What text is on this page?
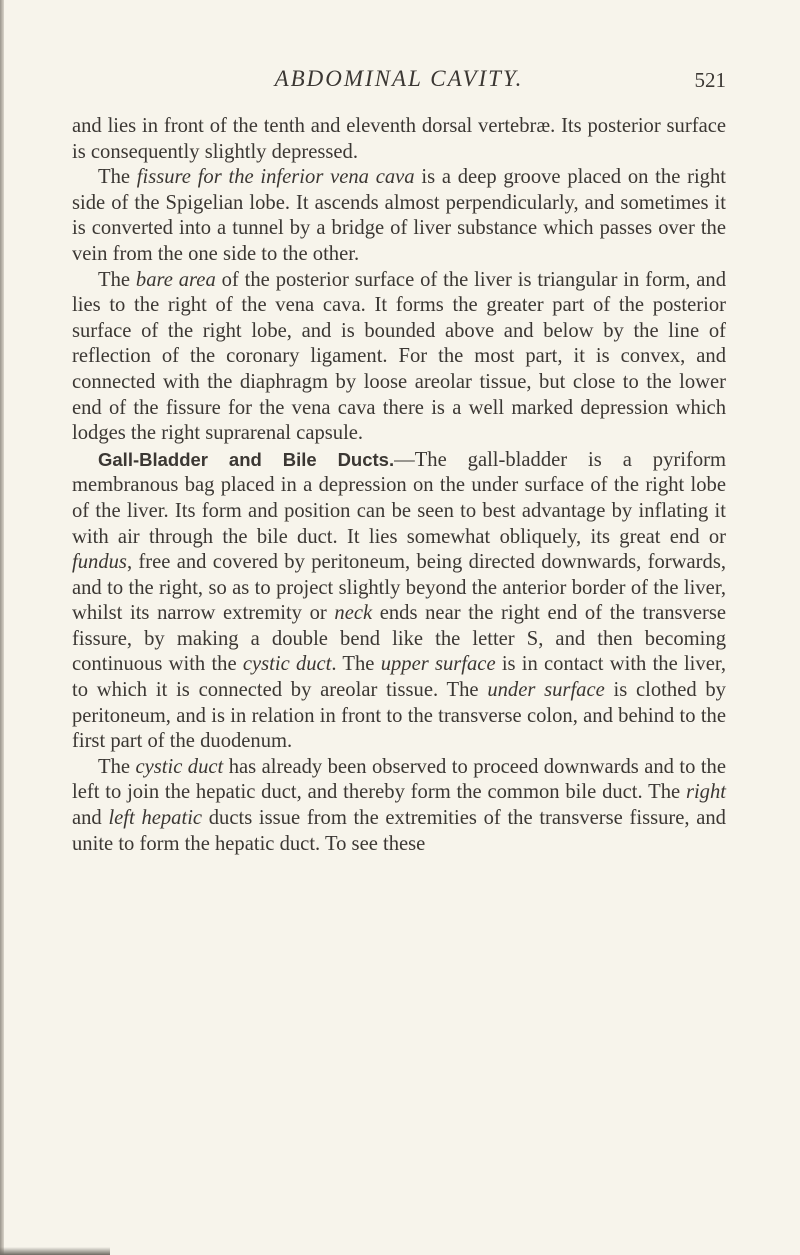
ABDOMINAL CAVITY.	521

and lies in front of the tenth and eleventh dorsal vertebræ. Its posterior surface is consequently slightly depressed.

The fissure for the inferior vena cava is a deep groove placed on the right side of the Spigelian lobe. It ascends almost perpendicularly, and sometimes it is converted into a tunnel by a bridge of liver substance which passes over the vein from the one side to the other.

The bare area of the posterior surface of the liver is triangular in form, and lies to the right of the vena cava. It forms the greater part of the posterior surface of the right lobe, and is bounded above and below by the line of reflection of the coronary ligament. For the most part, it is convex, and connected with the diaphragm by loose areolar tissue, but close to the lower end of the fissure for the vena cava there is a well marked depression which lodges the right suprarenal capsule.

Gall-Bladder and Bile Ducts.—The gall-bladder is a pyriform membranous bag placed in a depression on the under surface of the right lobe of the liver. Its form and position can be seen to best advantage by inflating it with air through the bile duct. It lies somewhat obliquely, its great end or fundus, free and covered by peritoneum, being directed downwards, forwards, and to the right, so as to project slightly beyond the anterior border of the liver, whilst its narrow extremity or neck ends near the right end of the transverse fissure, by making a double bend like the letter S, and then becoming continuous with the cystic duct. The upper surface is in contact with the liver, to which it is connected by areolar tissue. The under surface is clothed by peritoneum, and is in relation in front to the transverse colon, and behind to the first part of the duodenum.

The cystic duct has already been observed to proceed downwards and to the left to join the hepatic duct, and thereby form the common bile duct. The right and left hepatic ducts issue from the extremities of the transverse fissure, and unite to form the hepatic duct. To see these
